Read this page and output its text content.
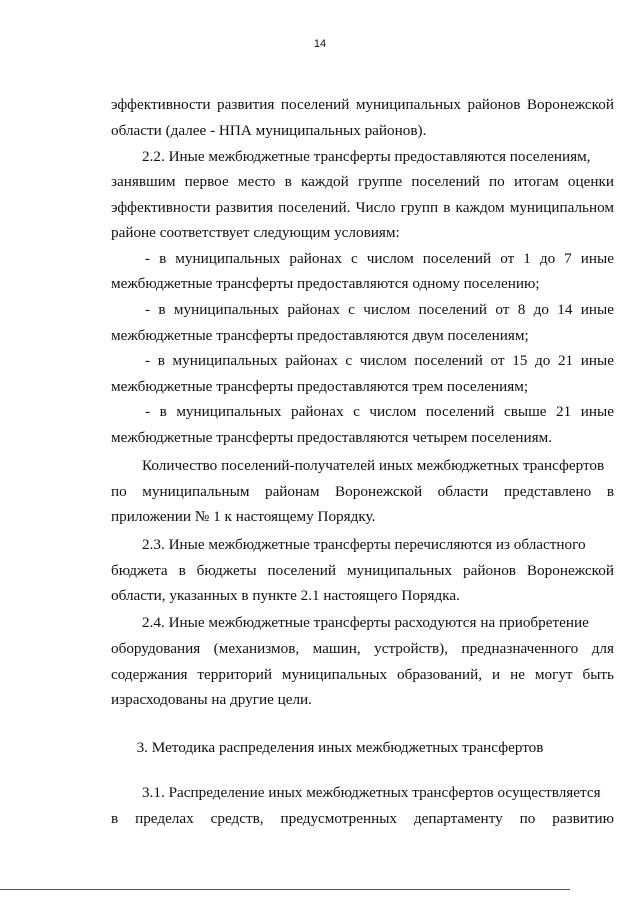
14
эффективности развития поселений муниципальных районов Воронежской
области (далее - НПА муниципальных районов).
2.2. Иные межбюджетные трансферты предоставляются поселениям,
занявшим первое место в каждой группе поселений по итогам оценки
эффективности развития поселений. Число групп в каждом муниципальном
районе соответствует следующим условиям:
- в муниципальных районах с числом поселений от 1 до 7 иные
межбюджетные трансферты предоставляются одному поселению;
- в муниципальных районах с числом поселений от 8 до 14 иные
межбюджетные трансферты предоставляются двум поселениям;
- в муниципальных районах с числом поселений от 15 до 21 иные
межбюджетные трансферты предоставляются трем поселениям;
- в муниципальных районах с числом поселений свыше 21 иные
межбюджетные трансферты предоставляются четырем поселениям.
Количество поселений-получателей иных межбюджетных трансфертов
по муниципальным районам Воронежской области представлено в
приложении № 1 к настоящему Порядку.
2.3. Иные межбюджетные трансферты перечисляются из областного
бюджета в бюджеты поселений муниципальных районов Воронежской
области, указанных в пункте 2.1 настоящего Порядка.
2.4. Иные межбюджетные трансферты расходуются на приобретение
оборудования (механизмов, машин, устройств), предназначенного для
содержания территорий муниципальных образований, и не могут быть
израсходованы на другие цели.
3. Методика распределения иных межбюджетных трансфертов
3.1. Распределение иных межбюджетных трансфертов осуществляется
в пределах средств, предусмотренных департаменту по развитию
